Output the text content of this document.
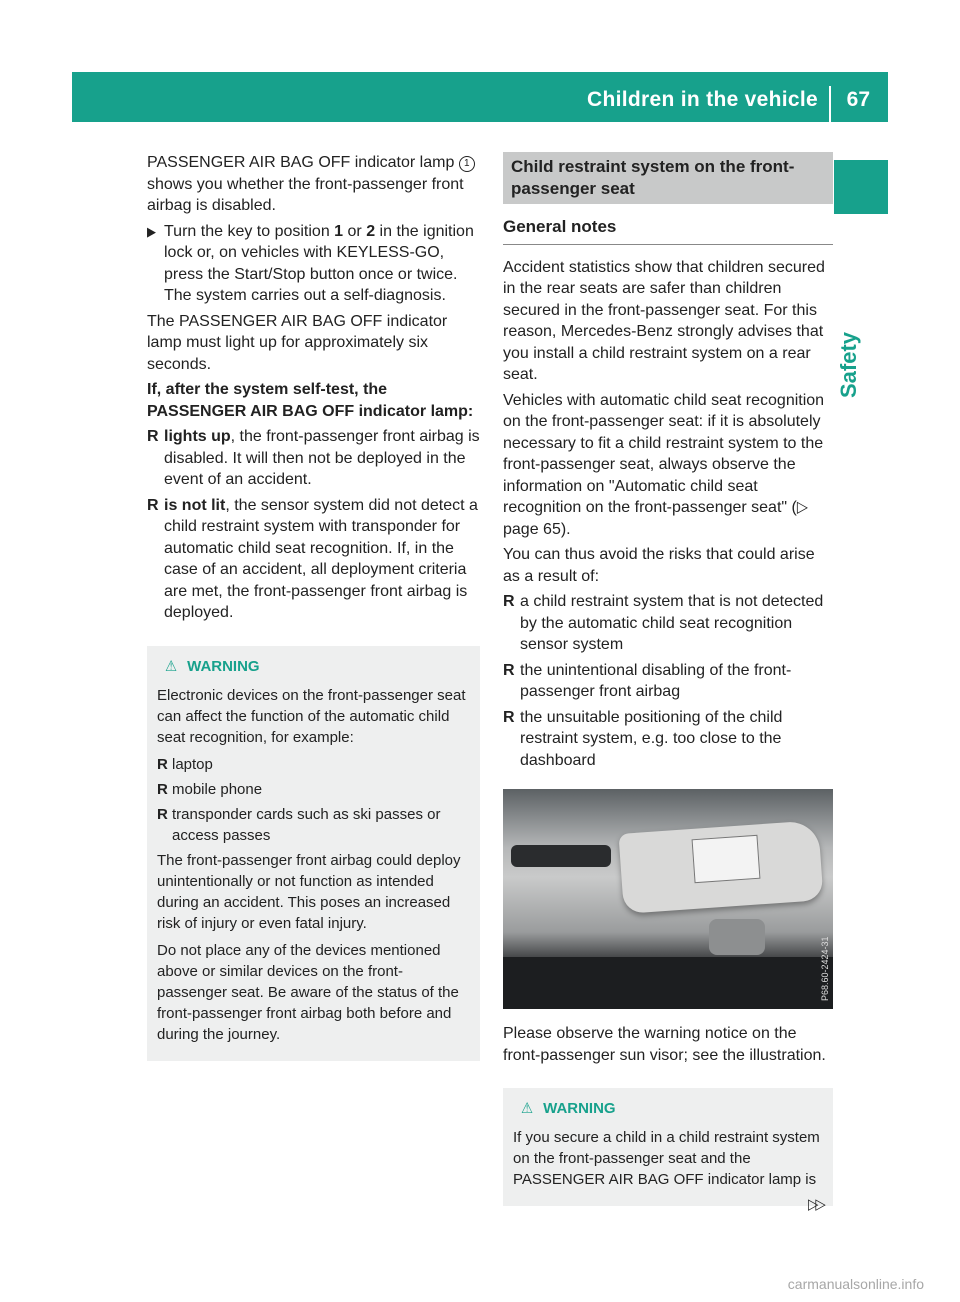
Children in the vehicle 67
Safety

PASSENGER AIR BAG OFF indicator lamp 1 shows you whether the front-passenger front airbag is disabled.

▶ Turn the key to position 1 or 2 in the ignition lock or, on vehicles with KEYLESS-GO, press the Start/Stop button once or twice. The system carries out a self-diagnosis.

The PASSENGER AIR BAG OFF indicator lamp must light up for approximately six seconds.

If, after the system self-test, the PASSENGER AIR BAG OFF indicator lamp:

R lights up, the front-passenger front airbag is disabled. It will then not be deployed in the event of an accident.
R is not lit, the sensor system did not detect a child restraint system with transponder for automatic child seat recognition. If, in the case of an accident, all deployment criteria are met, the front-passenger front airbag is deployed.
⚠ WARNING

Electronic devices on the front-passenger seat can affect the function of the automatic child seat recognition, for example:

R laptop
R mobile phone
R transponder cards such as ski passes or access passes

The front-passenger front airbag could deploy unintentionally or not function as intended during an accident. This poses an increased risk of injury or even fatal injury.

Do not place any of the devices mentioned above or similar devices on the front-passenger seat. Be aware of the status of the front-passenger front airbag both before and during the journey.

Child restraint system on the front-passenger seat
General notes

Accident statistics show that children secured in the rear seats are safer than children secured in the front-passenger seat. For this reason, Mercedes-Benz strongly advises that you install a child restraint system on a rear seat.

Vehicles with automatic child seat recognition on the front-passenger seat: if it is absolutely necessary to fit a child restraint system to the front-passenger seat, always observe the information on "Automatic child seat recognition on the front-passenger seat" (▷ page 65).

You can thus avoid the risks that could arise as a result of:

R a child restraint system that is not detected by the automatic child seat recognition sensor system
R the unintentional disabling of the front-passenger front airbag
R the unsuitable positioning of the child restraint system, e.g. too close to the dashboard
P68.60-2424-31

Please observe the warning notice on the front-passenger sun visor; see the illustration.

⚠ WARNING

If you secure a child in a child restraint system on the front-passenger seat and the PASSENGER AIR BAG OFF indicator lamp is

▷▷
carmanualsonline.info
